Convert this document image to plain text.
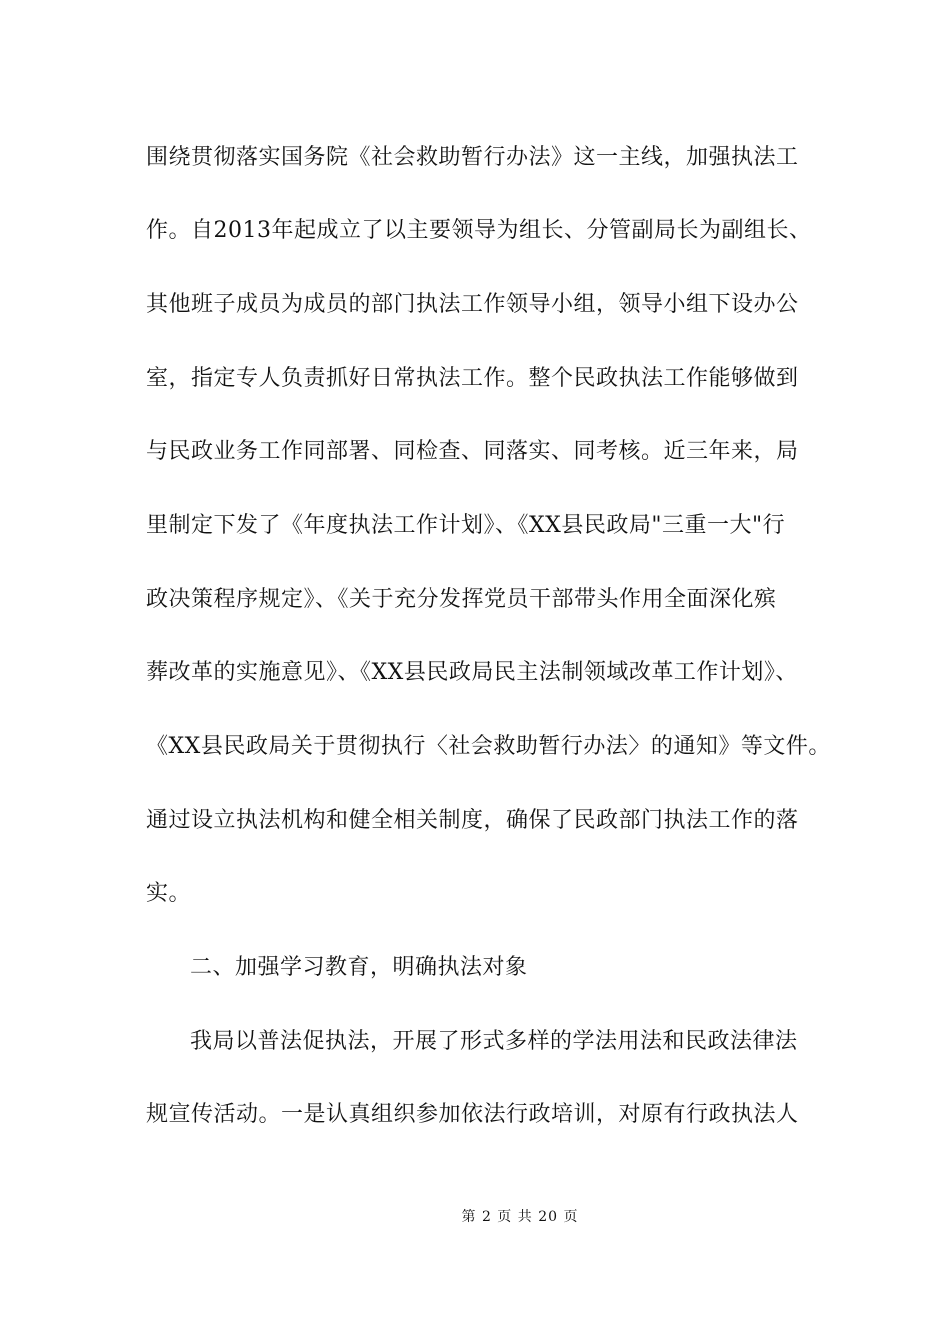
围绕贯彻落实国务院《社会救助暂行办法》这一主线，加强执法工
作。自2013年起成立了以主要领导为组长、分管副局长为副组长、
其他班子成员为成员的部门执法工作领导小组，领导小组下设办公
室，指定专人负责抓好日常执法工作。整个民政执法工作能够做到
与民政业务工作同部署、同检查、同落实、同考核。近三年来，局
里制定下发了《年度执法工作计划》、《XX县民政局"三重一大"行
政决策程序规定》、《关于充分发挥党员干部带头作用全面深化殡
葬改革的实施意见》、《XX县民政局民主法制领域改革工作计划》、
《XX县民政局关于贯彻执行〈社会救助暂行办法〉的通知》等文件。
通过设立执法机构和健全相关制度，确保了民政部门执法工作的落
实。
二、加强学习教育，明确执法对象
我局以普法促执法，开展了形式多样的学法用法和民政法律法
规宣传活动。一是认真组织参加依法行政培训，对原有行政执法人
第 2 页 共 20 页
